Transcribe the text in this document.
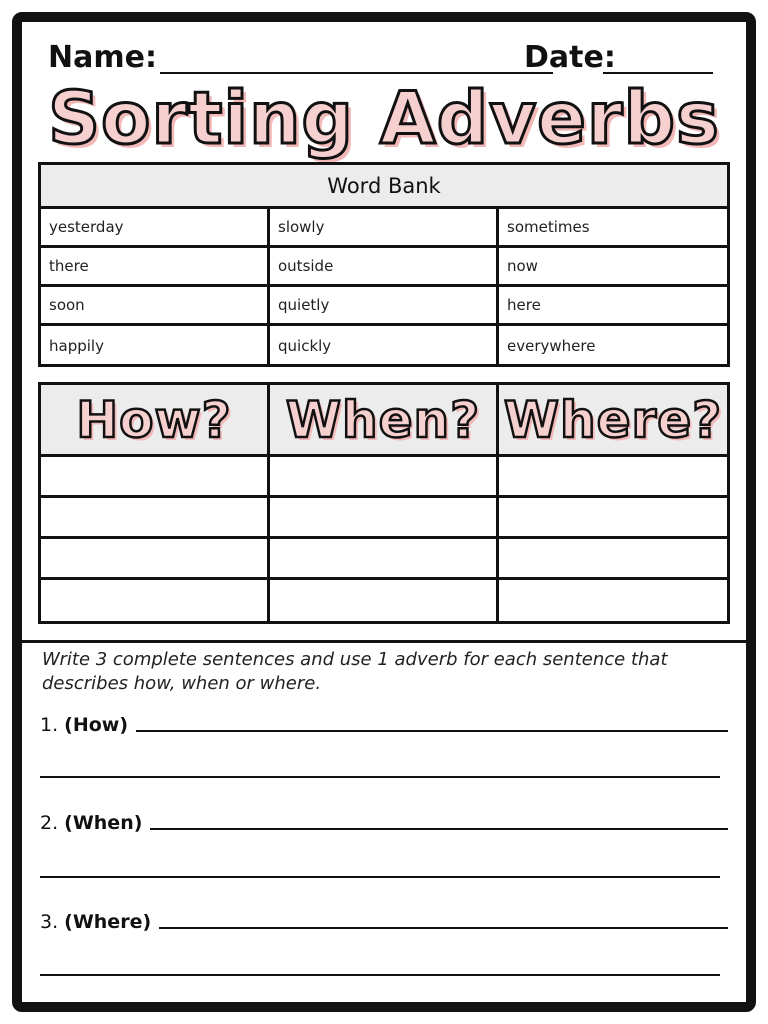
Name:	Date:
Sorting Adverbs
Word Bank
yesterday	slowly	sometimes
there	outside	now
soon	quietly	here
happily	quickly	everywhere
How? When? Where?
Write 3 complete sentences and use 1 adverb for each sentence that describes how, when or where.
1. (How)
2. (When)
3. (Where)
